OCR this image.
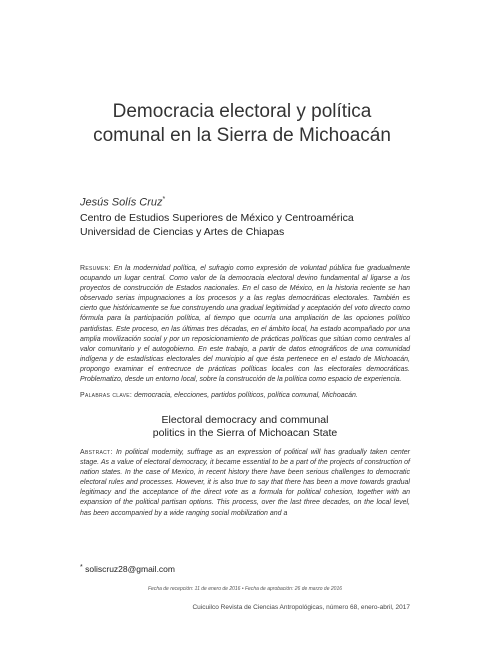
Democracia electoral y política
comunal en la Sierra de Michoacán
Jesús Solís Cruz*
Centro de Estudios Superiores de México y Centroamérica
Universidad de Ciencias y Artes de Chiapas

Resumen: En la modernidad política, el sufragio como expresión de voluntad pública fue gradualmente ocupando un lugar central. Como valor de la democracia electoral devino fundamental al ligarse a los proyectos de construcción de Estados nacionales. En el caso de México, en la historia reciente se han observado serias impugnaciones a los procesos y a las reglas democráticas electorales. También es cierto que históricamente se fue construyendo una gradual legitimidad y aceptación del voto directo como fórmula para la participación política, al tiempo que ocurría una ampliación de las opciones político partidistas. Este proceso, en las últimas tres décadas, en el ámbito local, ha estado acompañado por una amplia movilización social y por un reposicionamiento de prácticas políticas que sitúan como centrales al valor comunitario y el autogobierno. En este trabajo, a partir de datos etnográficos de una comunidad indígena y de estadísticas electorales del municipio al que ésta pertenece en el estado de Michoacán, propongo examinar el entrecruce de prácticas políticas locales con las electorales democráticas. Problematizo, desde un entorno local, sobre la construcción de la política como espacio de experiencia.

Palabras clave: democracia, elecciones, partidos políticos, política comunal, Michoacán.
Electoral democracy and communal
politics in the Sierra of Michoacan State

Abstract: In political modernity, suffrage as an expression of political will has gradually taken center stage. As a value of electoral democracy, it became essential to be a part of the projects of construction of nation states. In the case of Mexico, in recent history there have been serious challenges to democratic electoral rules and processes. However, it is also true to say that there has been a move towards gradual legitimacy and the acceptance of the direct vote as a formula for political cohesion, together with an expansion of the political partisan options. This process, over the last three decades, on the local level, has been accompanied by a wide ranging social mobilization and a

* solisc​ruz28@gmail.com
Fecha de recepción: 11 de enero de 2016 • Fecha de aprobación: 26 de marzo de 2016
Cuicuilco Revista de Ciencias Antropológicas, número 68, enero-abril, 2017
